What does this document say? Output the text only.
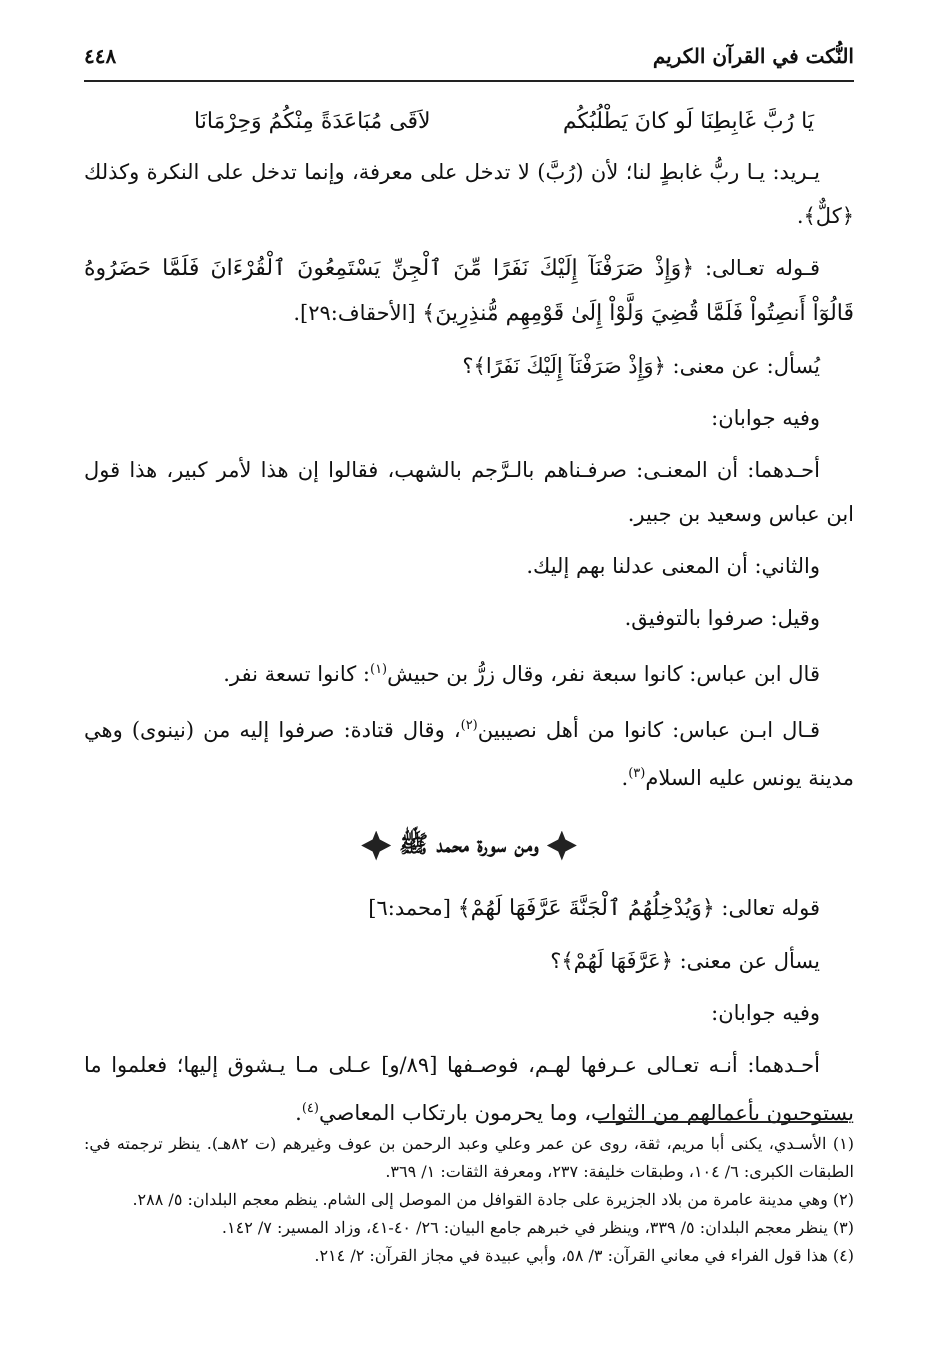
النُّكت في القرآن الكريم
٤٤٨
يَا رُبَّ غَابِطِنَا لَو كانَ يَطْلُبُكُم
لاَقَى مُبَاعَدَةً مِنْكُمُ وَحِرْمَانَا

يـريد: يـا ربُّ غابطٍ لنا؛ لأن (رُبَّ) لا تدخل على معرفة، وإنما تدخل على النكرة وكذلك ﴿كلٌّ﴾.

قـوله تعـالى: ﴿وَإِذْ صَرَفْنَآ إِلَيْكَ نَفَرًا مِّنَ ٱلْجِنِّ يَسْتَمِعُونَ ٱلْقُرْءَانَ فَلَمَّا حَضَرُوهُ قَالُوٓاْ أَنصِتُواْ فَلَمَّا قُضِيَ وَلَّوْاْ إِلَىٰ قَوْمِهِم مُّنذِرِينَ﴾ [الأحقاف:٢٩].

يُسأل: عن معنى: ﴿وَإِذْ صَرَفْنَآ إِلَيْكَ نَفَرًا﴾؟

وفيه جوابان:

أحـدهما: أن المعنـى: صرفـناهم بالـرَّجم بالشهب، فقالوا إن هذا لأمر كبير، هذا قول ابن عباس وسعيد بن جبير.

والثاني: أن المعنى عدلنا بهم إليك.

وقيل: صرفوا بالتوفيق.

قال ابن عباس: كانوا سبعة نفر، وقال زرُّ بن حبيش$^{(١)}$: كانوا تسعة نفر.

قـال ابـن عباس: كانوا من أهل نصيبين$^{(٢)}$، وقال قتادة: صرفوا إليه من (نينوى) وهي مدينة يونس عليه السلام$^{(٣)}$.

ومن سورة محمد ﷺ

قوله تعالى: ﴿وَيُدْخِلُهُمُ ٱلْجَنَّةَ عَرَّفَهَا لَهُمْ﴾ [محمد:٦]

يسأل عن معنى: ﴿عَرَّفَهَا لَهُمْ﴾؟

وفيه جوابان:

أحـدهما: أنـه تعـالى عـرفها لهـم، فوصـفها [٨٩/و] عـلى مـا يـشوق إليها؛ فعلموا ما يستوجبون بأعمالهم من الثواب، وما يحرمون بارتكاب المعاصي$^{(٤)}$.

(١) الأسـدي، يكنى أبا مريم، ثقة، روى عن عمر وعلي وعبد الرحمن بن عوف وغيرهم (ت ٨٢هـ). ينظر ترجمته في: الطبقات الكبرى: ٦/ ١٠٤، وطبقات خليفة: ٢٣٧، ومعرفة الثقات: ١/ ٣٦٩.

(٢) وهي مدينة عامرة من بلاد الجزيرة على جادة القوافل من الموصل إلى الشام. ينظم معجم البلدان: ٥/ ٢٨٨.

(٣) ينظر معجم البلدان: ٥/ ٣٣٩، وينظر في خبرهم جامع البيان: ٢٦/ ٤٠-٤١، وزاد المسير: ٧/ ١٤٢.

(٤) هذا قول الفراء في معاني القرآن: ٣/ ٥٨، وأبي عبيدة في مجاز القرآن: ٢/ ٢١٤.
